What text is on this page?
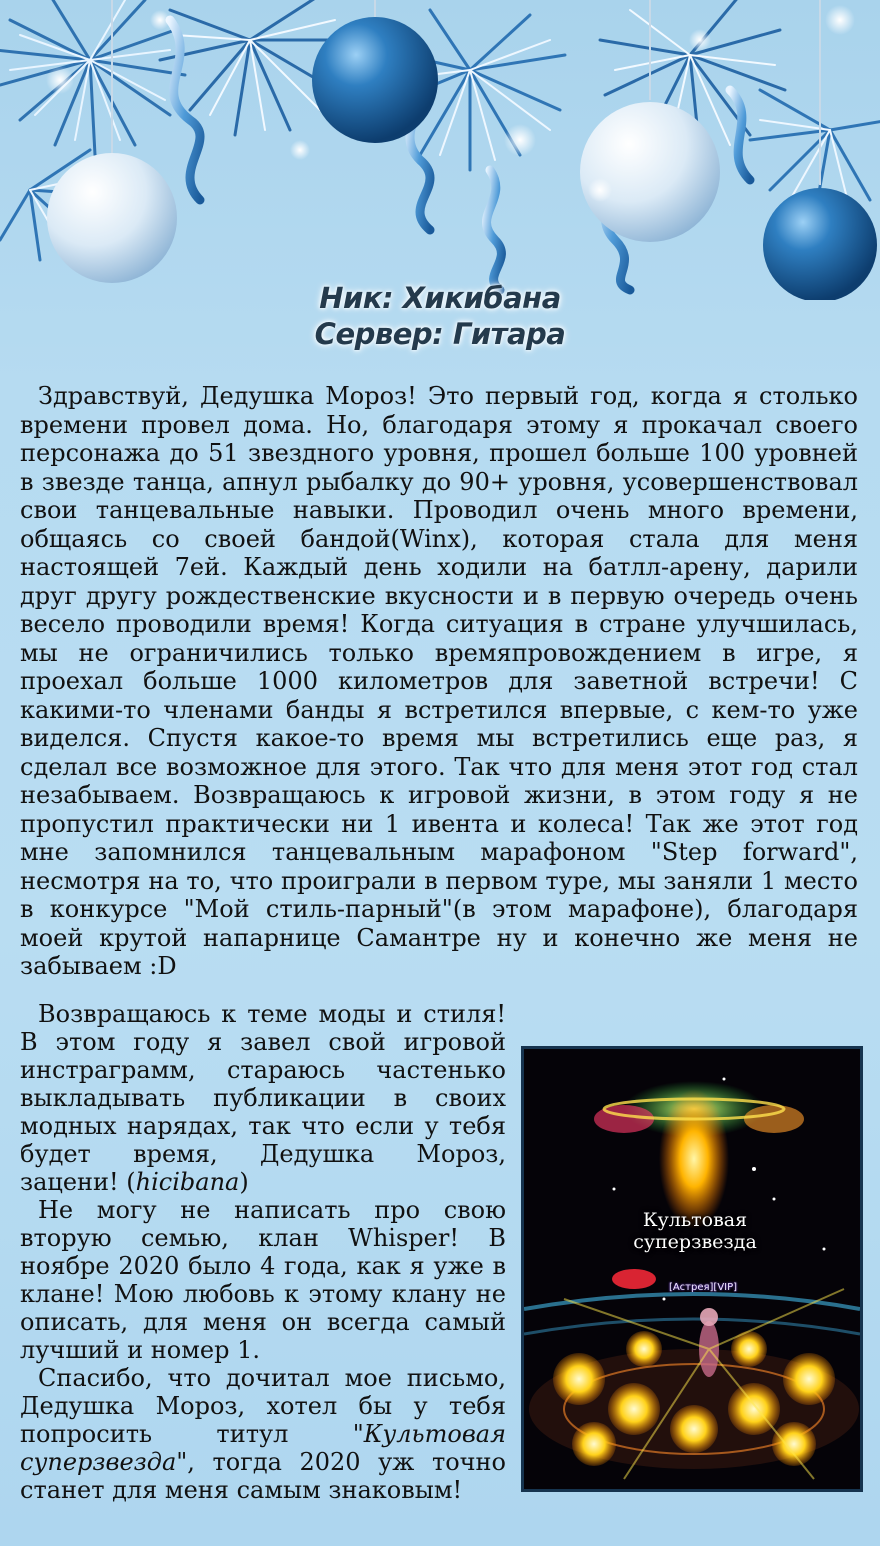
Ник: Хикибана
Сервер: Гитара

Здравствуй, Дедушка Мороз! Это первый год, когда я столько времени провел дома. Но, благодаря этому я прокачал своего персонажа до 51 звездного уровня, прошел больше 100 уровней в звезде танца, апнул рыбалку до 90+ уровня, усовершенствовал свои танцевальные навыки. Проводил очень много времени, общаясь со своей бандой(Winx), которая стала для меня настоящей 7ей. Каждый день ходили на батлл-арену, дарили друг другу рождественские вкусности и в первую очередь очень весело проводили время! Когда ситуация в стране улучшилась, мы не ограничились только времяпровождением в игре, я проехал больше 1000 километров для заветной встречи! С какими-то членами банды я встретился впервые, с кем-то уже виделся. Спустя какое-то время мы встретились еще раз, я сделал все возможное для этого. Так что для меня этот год стал незабываем. Возвращаюсь к игровой жизни, в этом году я не пропустил практически ни 1 ивента и колеса! Так же этот год мне запомнился танцевальным марафоном "Step forward", несмотря на то, что проиграли в первом туре, мы заняли 1 место в конкурсе "Мой стиль-парный"(в этом марафоне), благодаря моей крутой напарнице Самантре ну и конечно же меня не забываем :D

Возвращаюсь к теме моды и стиля! В этом году я завел свой игровой инстраграмм, стараюсь частенько выкладывать публикации в своих модных нарядах, так что если у тебя будет время, Дедушка Мороз, зацени! (hicibana)

Не могу не написать про свою вторую семью, клан Whisper! В ноябре 2020 было 4 года, как я уже в клане! Мою любовь к этому клану не описать, для меня он всегда самый лучший и номер 1.

Спасибо, что дочитал мое письмо, Дедушка Мороз, хотел бы у тебя попросить титул "Культовая суперзвезда", тогда 2020 уж точно станет для меня самым знаковым!

Культовая
суперзвезда
[Астрея][VIP]
